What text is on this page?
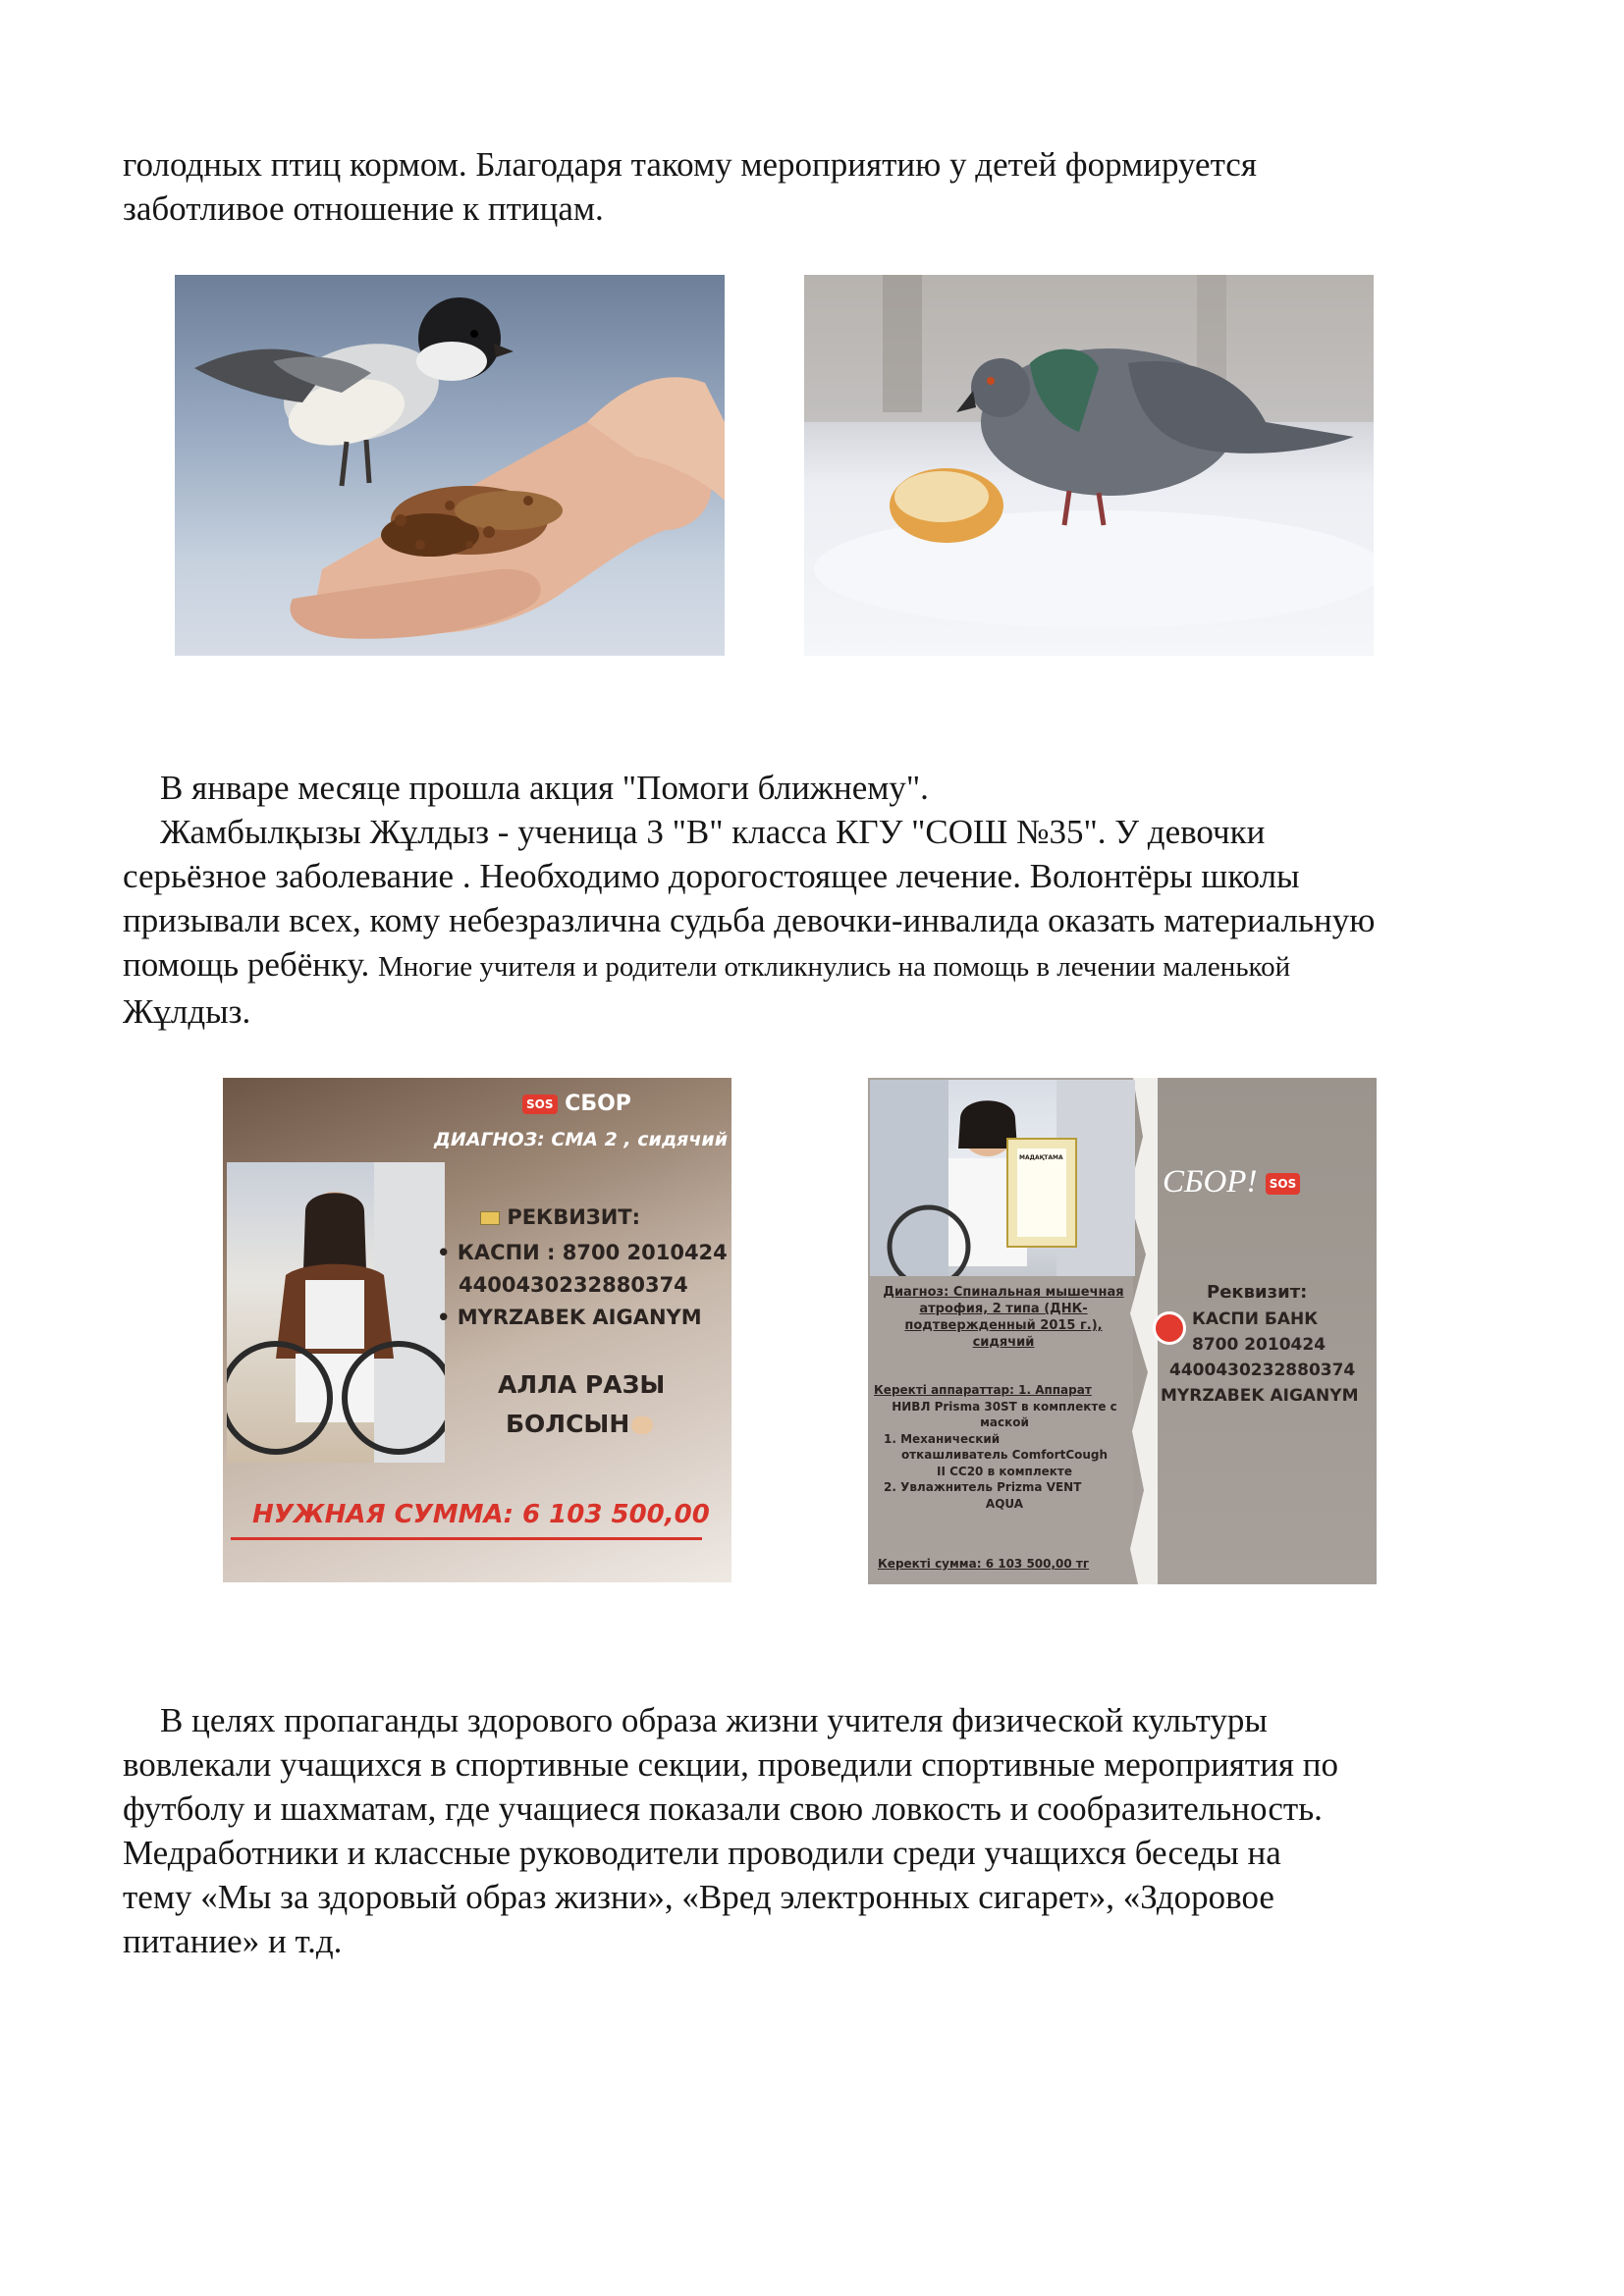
голодных птиц кормом. Благодаря такому мероприятию у детей формируется
заботливое отношение к птицам.
В январе месяце прошла акция "Помоги ближнему".
Жамбылқызы Жұлдыз - ученица 3 "В" класса КГУ "СОШ №35". У девочки
серьёзное заболевание . Необходимо дорогостоящее лечение. Волонтёры школы
призывали всех, кому небезразлична судьба девочки-инвалида оказать материальную
помощь ребёнку. Многие учителя и родители откликнулись на помощь в лечении маленькой
Жұлдыз.
SOS СБОР
ДИАГНОЗ: СМА 2 , сидячий
РЕКВИЗИТ:
• КАСПИ : 8700 2010424
4400430232880374
• MYRZABEK AIGANYM
АЛЛА РАЗЫ
БОЛСЫН
НУЖНАЯ СУММА: 6 103 500,00
МАДАҚТАМА
СБОР! SOS
Диагноз: Спинальная мышечная
атрофия, 2 типа (ДНК-
подтвержденный 2015 г.),
сидячий
Керекті аппараттар: 1. Аппарат
НИВЛ Prisma 30ST в комплекте с
маской
1. Механический
откашливатель ComfortCough
II CC20 в комплекте
2. Увлажнитель Prizma VENT
AQUA
Керекті сумма: 6 103 500,00 тг
Реквизит:
КАСПИ БАНК
8700 2010424
4400430232880374
MYRZABEK AIGANYM
В целях пропаганды здорового образа жизни учителя физической культуры
вовлекали учащихся в спортивные секции, проведили спортивные мероприятия по
футболу и шахматам, где учащиеся показали свою ловкость и сообразительность.
Медработники и классные руководители проводили среди учащихся беседы на
тему «Мы за здоровый образ жизни», «Вред электронных сигарет», «Здоровое
питание» и т.д.
